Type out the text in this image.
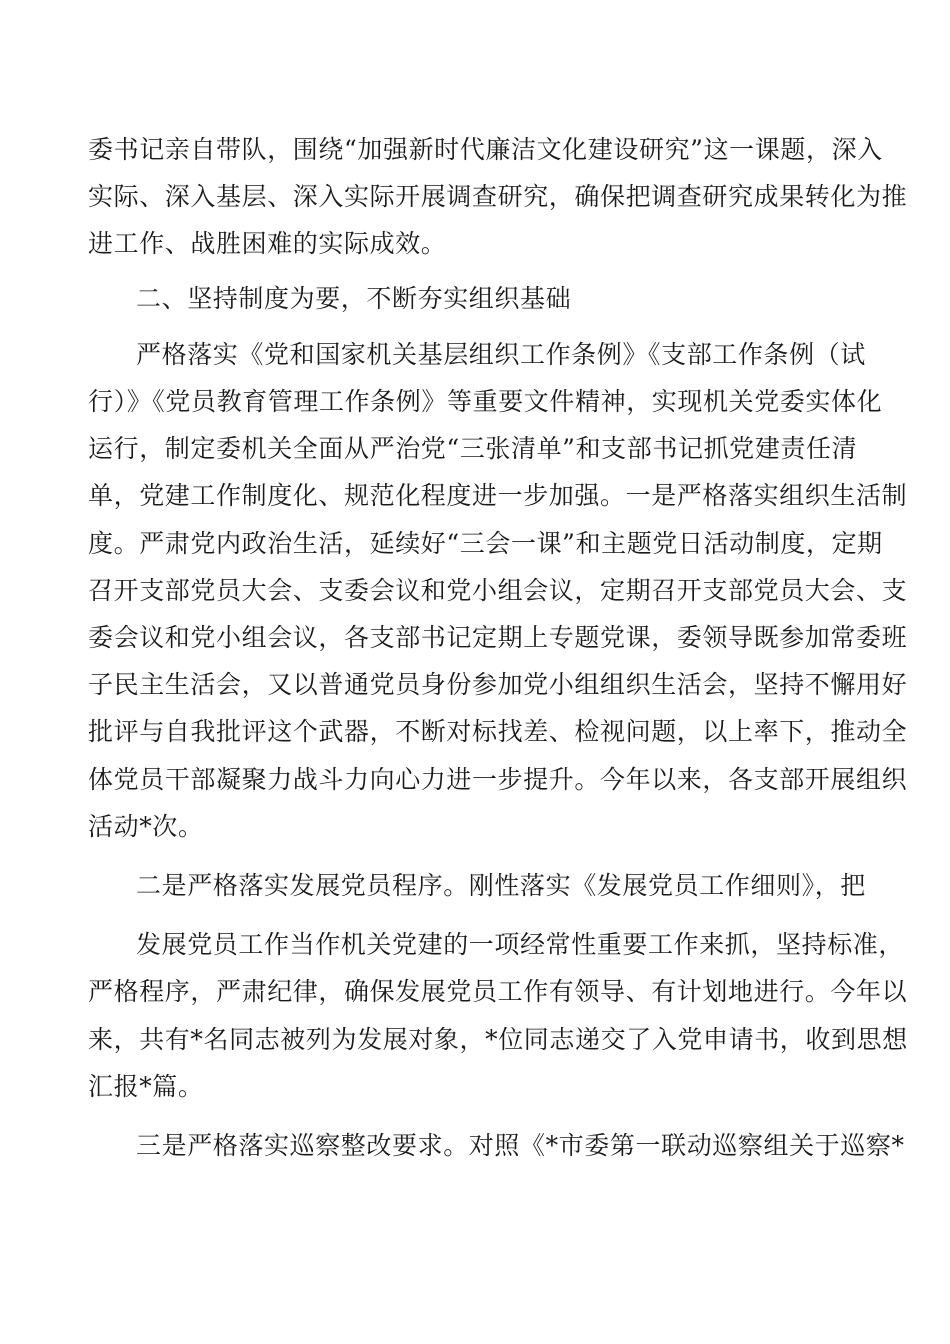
委书记亲自带队，围绕“加强新时代廉洁文化建设研究”这一课题，深入
实际、深入基层、深入实际开展调查研究，确保把调查研究成果转化为推
进工作、战胜困难的实际成效。
二、坚持制度为要，不断夯实组织基础
严格落实《党和国家机关基层组织工作条例》《支部工作条例（试
行）》《党员教育管理工作条例》等重要文件精神，实现机关党委实体化
运行，制定委机关全面从严治党“三张清单”和支部书记抓党建责任清
单，党建工作制度化、规范化程度进一步加强。一是严格落实组织生活制
度。严肃党内政治生活，延续好“三会一课”和主题党日活动制度，定期
召开支部党员大会、支委会议和党小组会议，定期召开支部党员大会、支
委会议和党小组会议，各支部书记定期上专题党课，委领导既参加常委班
子民主生活会，又以普通党员身份参加党小组组织生活会，坚持不懈用好
批评与自我批评这个武器，不断对标找差、检视问题，以上率下，推动全
体党员干部凝聚力战斗力向心力进一步提升。今年以来，各支部开展组织
活动*次。
二是严格落实发展党员程序。刚性落实《发展党员工作细则》，把
发展党员工作当作机关党建的一项经常性重要工作来抓，坚持标准，
严格程序，严肃纪律，确保发展党员工作有领导、有计划地进行。今年以
来，共有*名同志被列为发展对象，*位同志递交了入党申请书，收到思想
汇报*篇。
三是严格落实巡察整改要求。对照《*市委第一联动巡察组关于巡察*
